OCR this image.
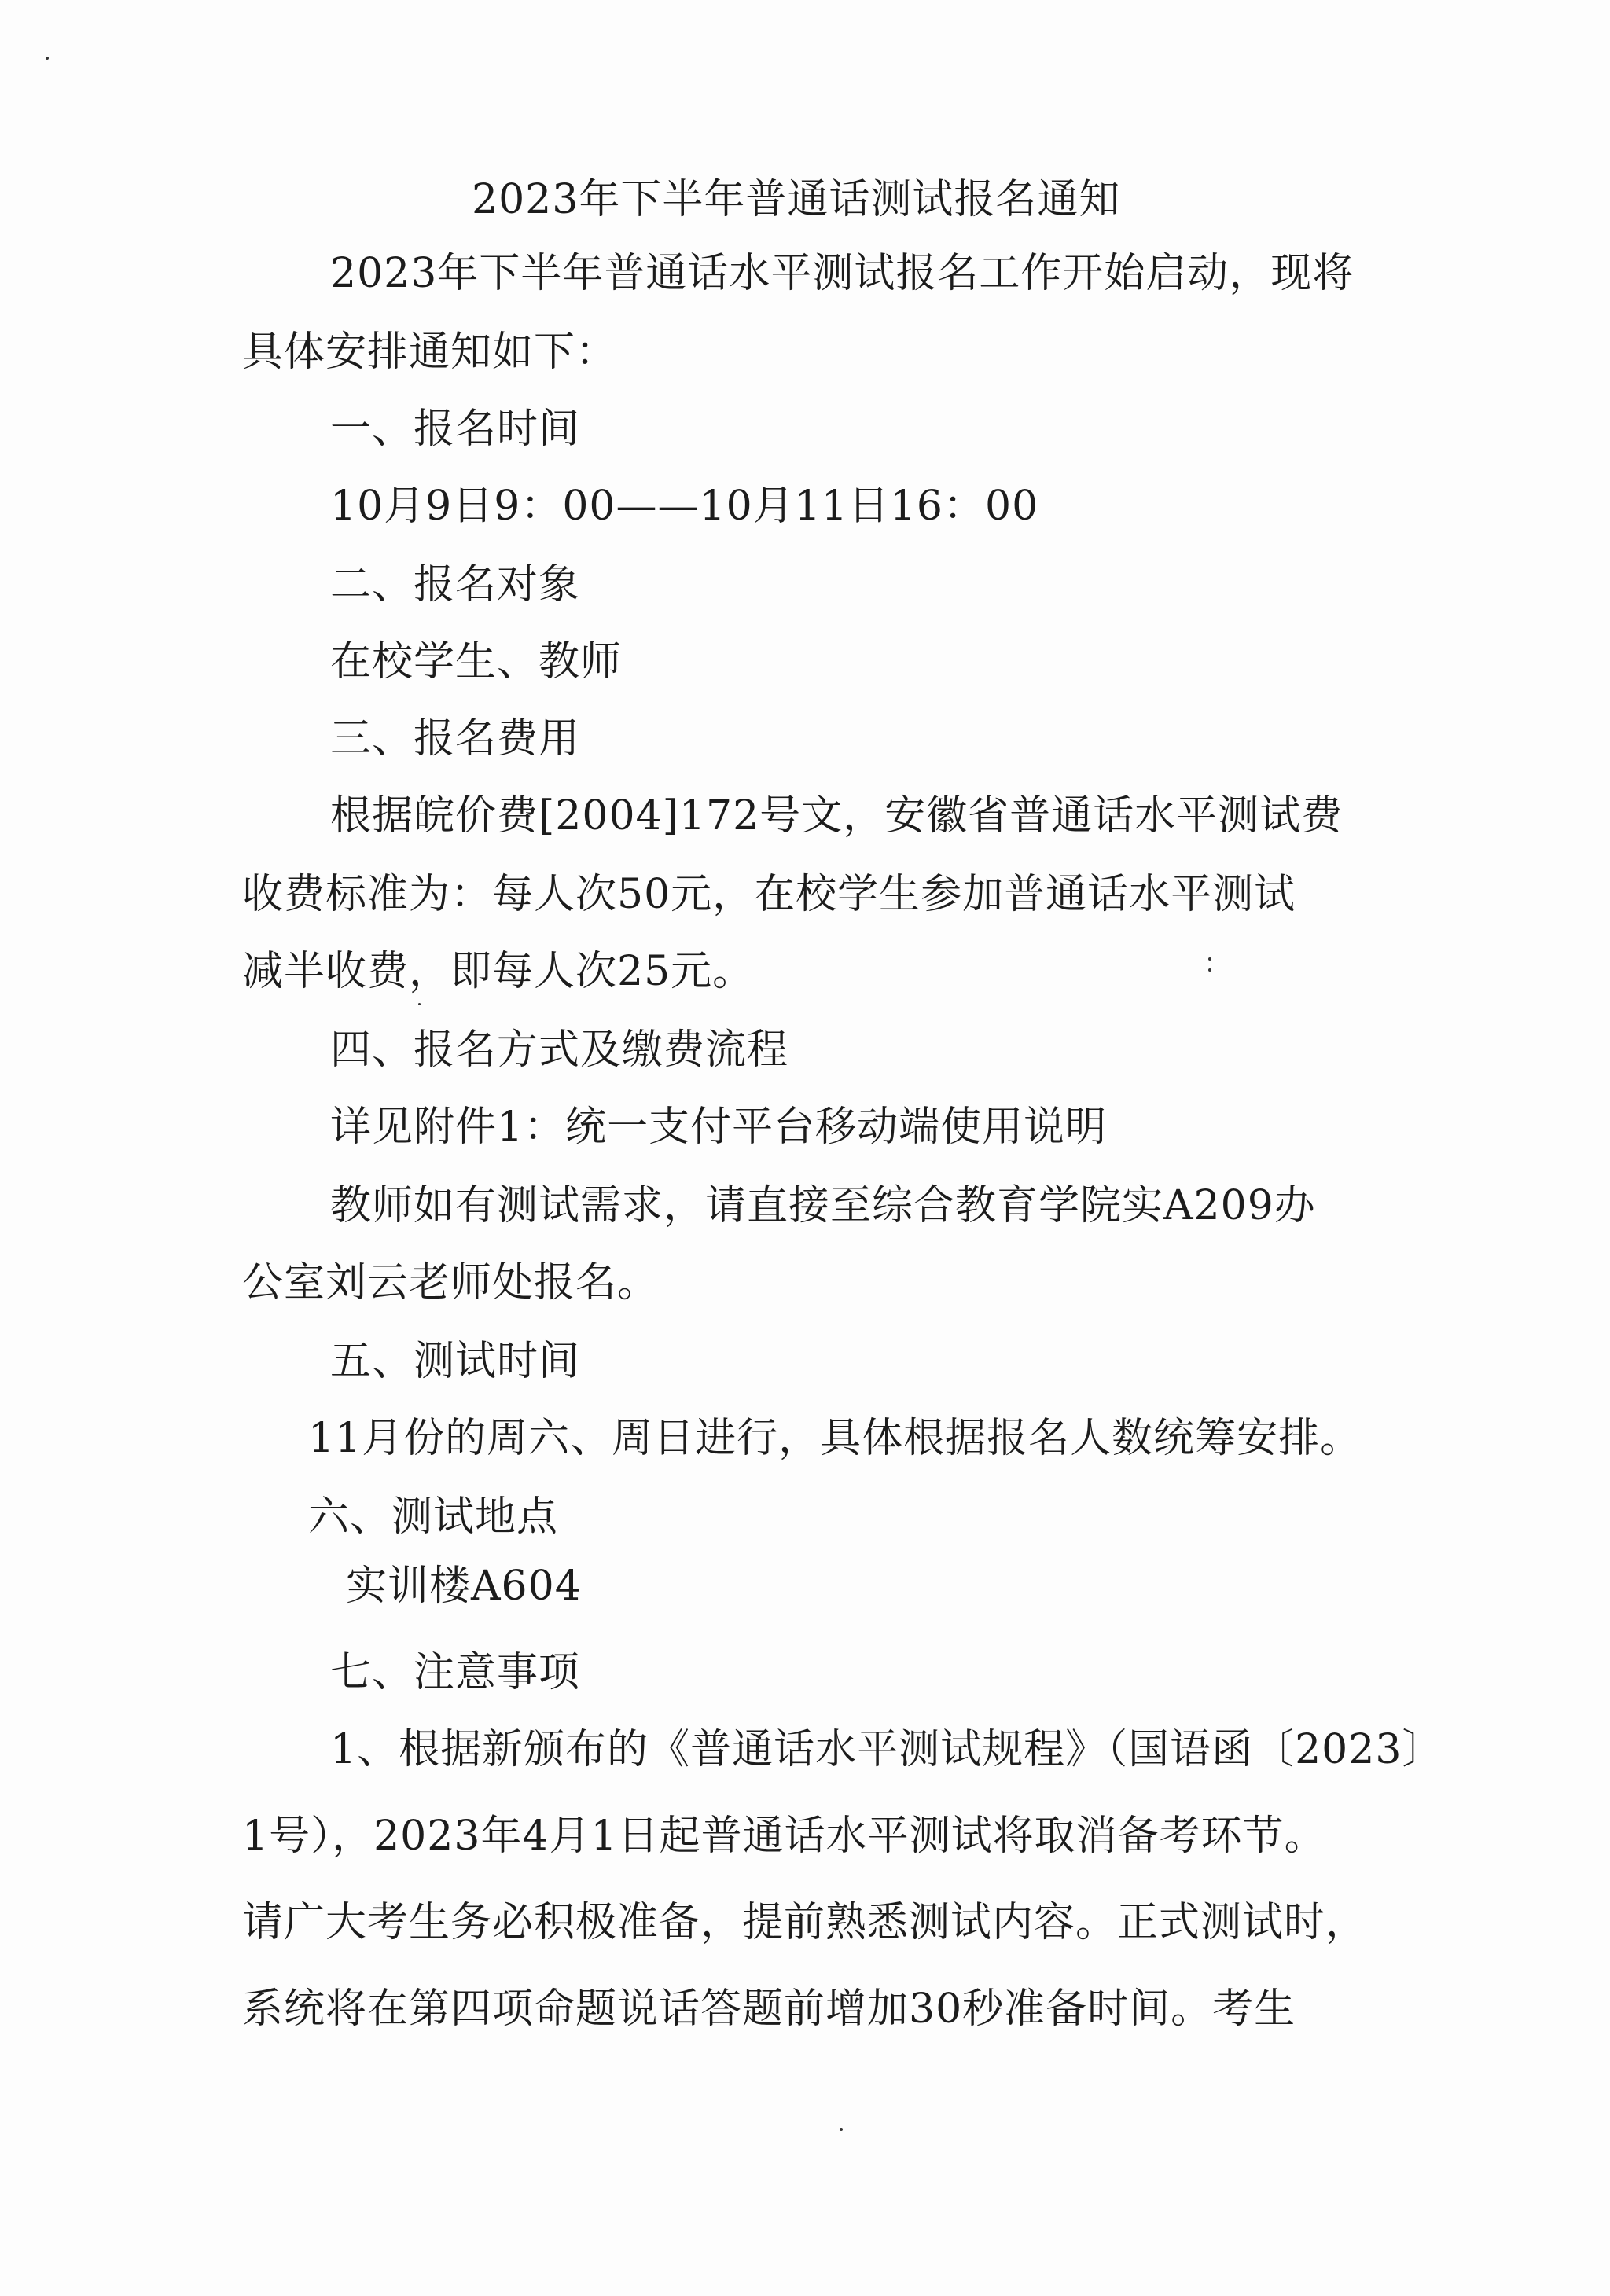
2023年下半年普通话测试报名通知
2023年下半年普通话水平测试报名工作开始启动，现将
具体安排通知如下：
一、报名时间
10月9日9：00——10月11日16：00
二、报名对象
在校学生、教师
三、报名费用
根据皖价费[2004]172号文，安徽省普通话水平测试费
收费标准为：每人次50元，在校学生参加普通话水平测试
减半收费，即每人次25元。
四、报名方式及缴费流程
详见附件1：统一支付平台移动端使用说明
教师如有测试需求，请直接至综合教育学院实A209办
公室刘云老师处报名。
五、测试时间
11月份的周六、周日进行，具体根据报名人数统筹安排。
六、测试地点
实训楼A604
七、注意事项
1、根据新颁布的《普通话水平测试规程》（国语函〔2023〕
1号），2023年4月1日起普通话水平测试将取消备考环节。
请广大考生务必积极准备，提前熟悉测试内容。正式测试时，
系统将在第四项命题说话答题前增加30秒准备时间。考生
